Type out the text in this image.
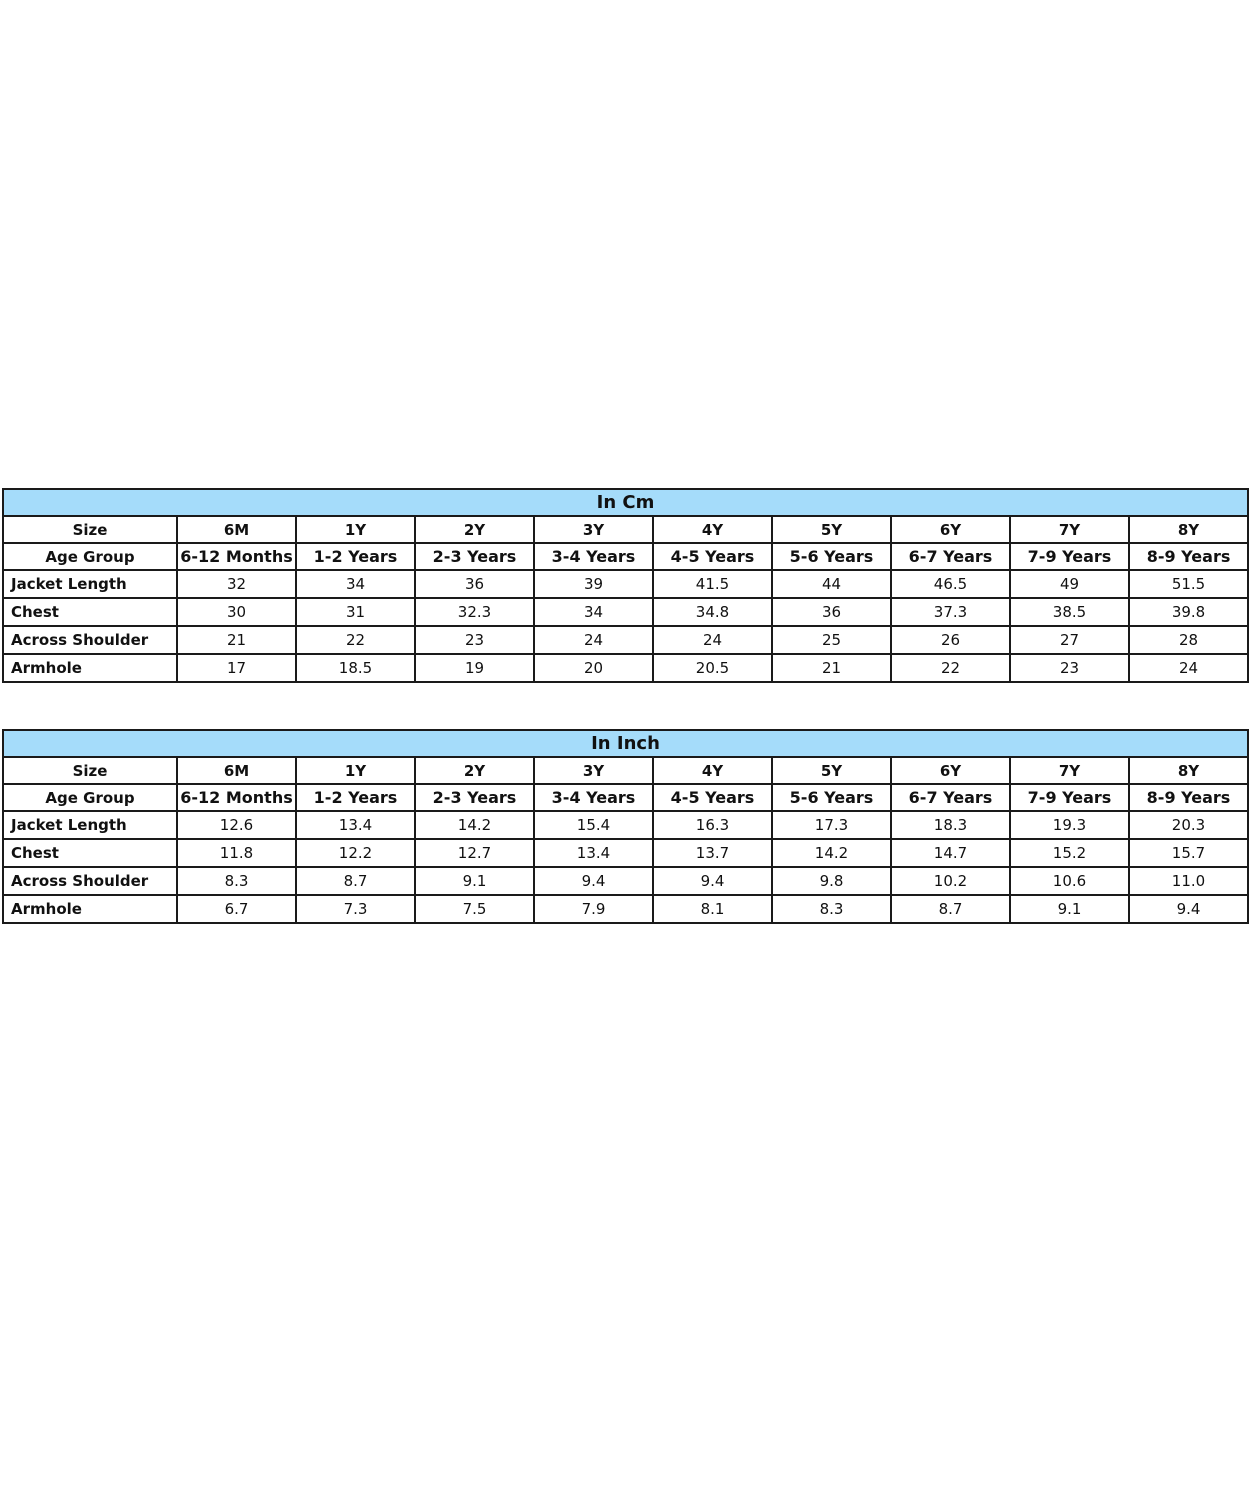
In Cm									
Size	6M	1Y	2Y	3Y	4Y	5Y	6Y	7Y	8Y
Age Group	6-12 Months	1-2 Years	2-3 Years	3-4 Years	4-5 Years	5-6 Years	6-7 Years	7-9 Years	8-9 Years
Jacket Length	32	34	36	39	41.5	44	46.5	49	51.5
Chest	30	31	32.3	34	34.8	36	37.3	38.5	39.8
Across Shoulder	21	22	23	24	24	25	26	27	28
Armhole	17	18.5	19	20	20.5	21	22	23	24
In Inch									
Size	6M	1Y	2Y	3Y	4Y	5Y	6Y	7Y	8Y
Age Group	6-12 Months	1-2 Years	2-3 Years	3-4 Years	4-5 Years	5-6 Years	6-7 Years	7-9 Years	8-9 Years
Jacket Length	12.6	13.4	14.2	15.4	16.3	17.3	18.3	19.3	20.3
Chest	11.8	12.2	12.7	13.4	13.7	14.2	14.7	15.2	15.7
Across Shoulder	8.3	8.7	9.1	9.4	9.4	9.8	10.2	10.6	11.0
Armhole	6.7	7.3	7.5	7.9	8.1	8.3	8.7	9.1	9.4
